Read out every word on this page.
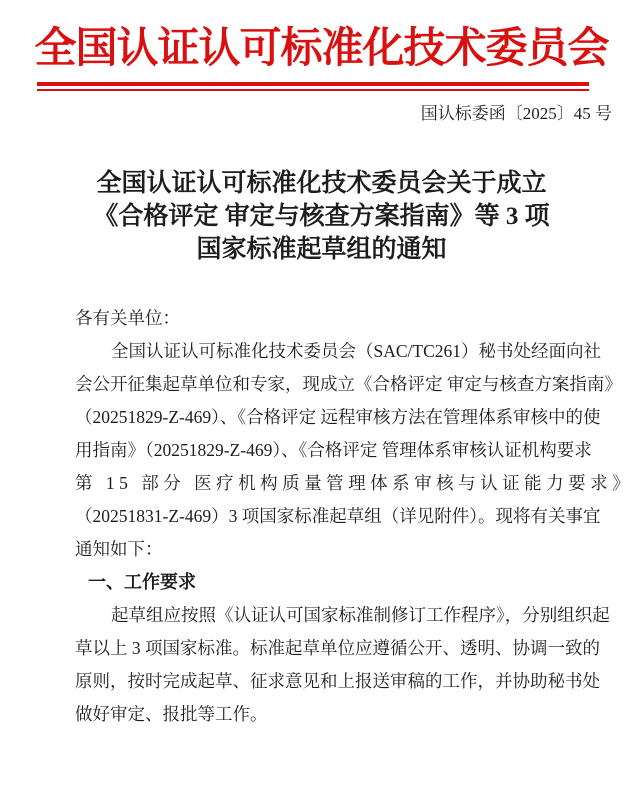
全国认证认可标准化技术委员会
国认标委函〔2025〕45 号
全国认证认可标准化技术委员会关于成立
《合格评定 审定与核查方案指南》等 3 项
国家标准起草组的通知
各有关单位：
全国认证认可标准化技术委员会（SAC/TC261）秘书处经面向社
会公开征集起草单位和专家，现成立《合格评定 审定与核查方案指南》
（20251829-Z-469）、《合格评定 远程审核方法在管理体系审核中的使
用指南》（20251829-Z-469）、《合格评定 管理体系审核认证机构要求
第 15 部分 医疗机构质量管理体系审核与认证能力要求》
（20251831-Z-469）3 项国家标准起草组（详见附件）。现将有关事宜
通知如下：
一、工作要求
起草组应按照《认证认可国家标准制修订工作程序》，分别组织起
草以上 3 项国家标准。标准起草单位应遵循公开、透明、协调一致的
原则，按时完成起草、征求意见和上报送审稿的工作，并协助秘书处
做好审定、报批等工作。
